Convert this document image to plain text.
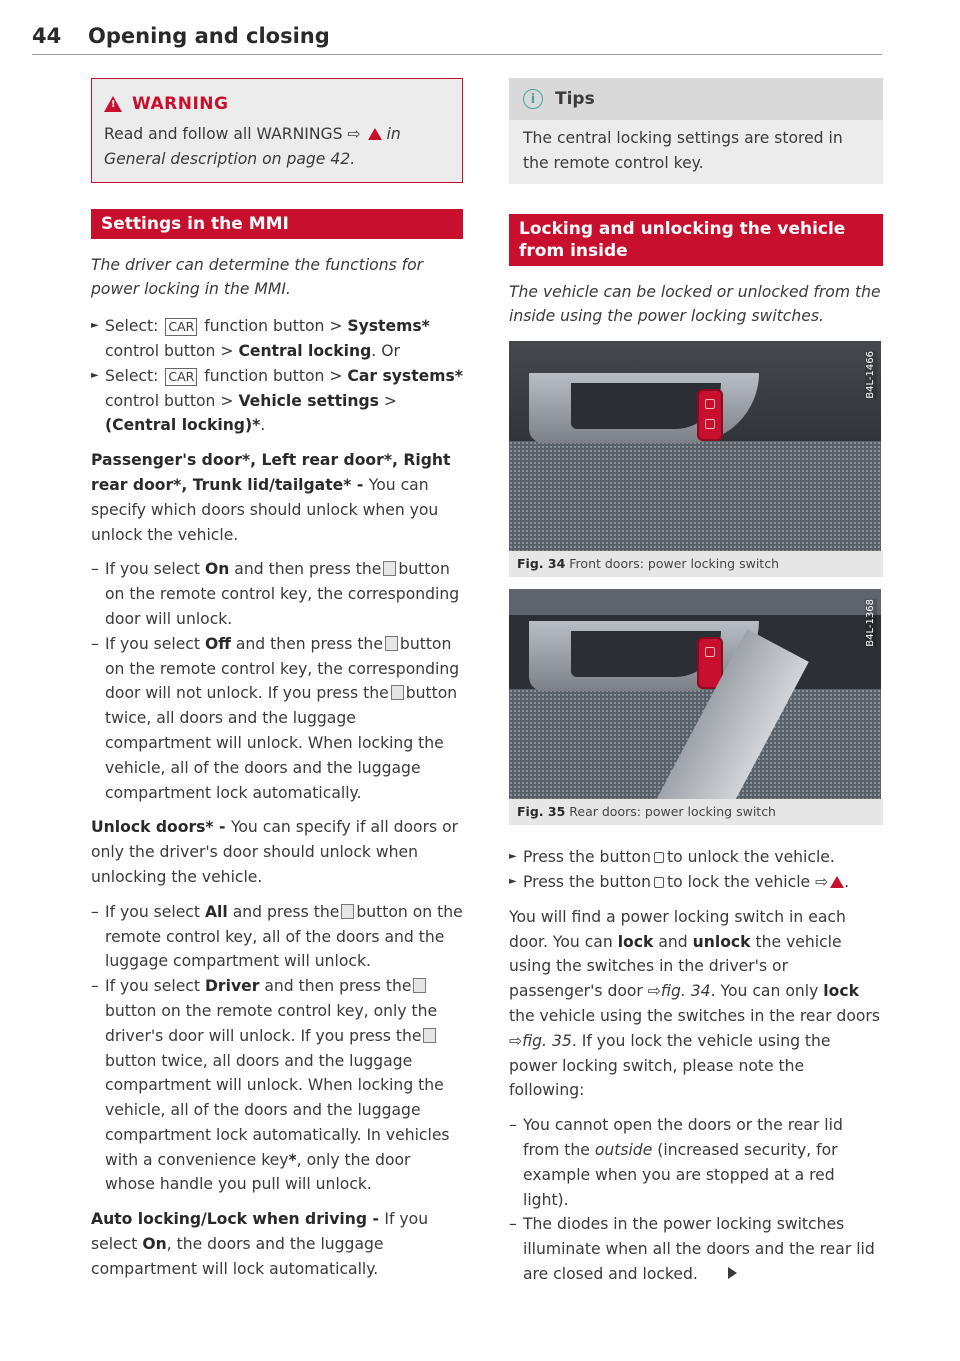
44 Opening and closing
! WARNING
Read and follow all WARNINGS ⇨ in General description on page 42.
Settings in the MMI

The driver can determine the functions for power locking in the MMI.

► Select: CAR function button > Systems* control button > Central locking. Or
► Select: CAR function button > Car systems* control button > Vehicle settings > (Central locking)*.

Passenger's door*, Left rear door*, Right rear door*, Trunk lid/tailgate* - You can specify which doors should unlock when you unlock the vehicle.

– If you select On and then press the button on the remote control key, the corresponding door will unlock.
– If you select Off and then press the button on the remote control key, the corresponding door will not unlock. If you press the button twice, all doors and the luggage compartment will unlock. When locking the vehicle, all of the doors and the luggage compartment lock automatically.

Unlock doors* - You can specify if all doors or only the driver's door should unlock when unlocking the vehicle.

– If you select All and press the button on the remote control key, all of the doors and the luggage compartment will unlock.
– If you select Driver and then press thebutton on the remote control key, only the driver's door will unlock. If you press thebutton twice, all doors and the luggage compartment will unlock. When locking the vehicle, all of the doors and the luggage compartment lock automatically. In vehicles with a convenience key*, only the door whose handle you pull will unlock.

Auto locking/Lock when driving - If you select On, the doors and the luggage compartment will lock automatically.

i	Tips
The central locking settings are stored in the remote control key.
Locking and unlocking the vehicle from inside

The vehicle can be locked or unlocked from the inside using the power locking switches.

B4L-1466
Fig. 34 Front doors: power locking switch
B4L-1368
Fig. 35 Rear doors: power locking switch
► Press the button to unlock the vehicle.
► Press the button to lock the vehicle ⇨ .

You will find a power locking switch in each door. You can lock and unlock the vehicle using the switches in the driver's or passenger's door ⇨fig. 34. You can only lock the vehicle using the switches in the rear doors ⇨fig. 35. If you lock the vehicle using the power locking switch, please note the following:

– You cannot open the doors or the rear lid from the outside (increased security, for example when you are stopped at a red light).
– The diodes in the power locking switches illuminate when all the doors and the rear lid are closed and locked.
